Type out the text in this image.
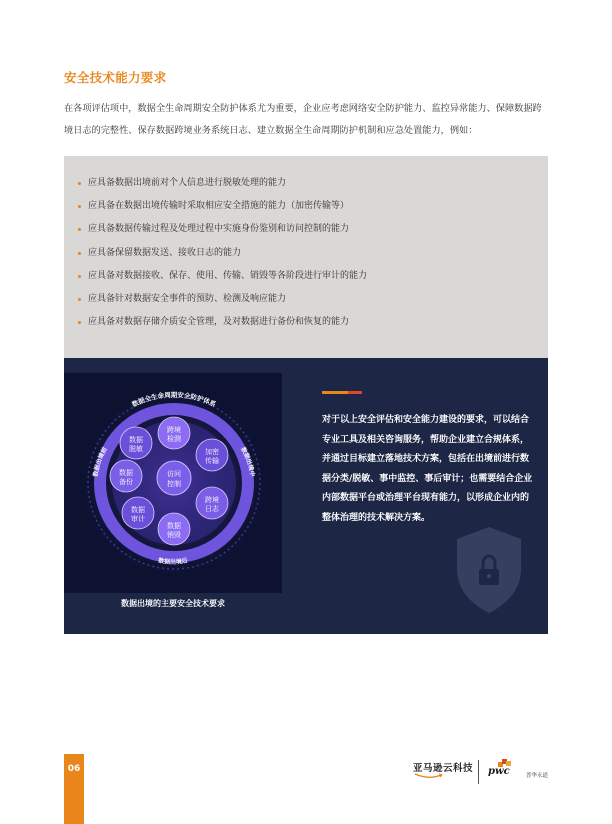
安全技术能力要求

在各项评估项中，数据全生命周期安全防护体系尤为重要，企业应考虑网络安全防护能力、监控异常能力、保障数据跨境日志的完整性、保存数据跨境业务系统日志、建立数据全生命周期防护机制和应急处置能力，例如：

应具备数据出境前对个人信息进行脱敏处理的能力
应具备在数据出境传输时采取相应安全措施的能力（加密传输等）
应具备数据传输过程及处理过程中实施身份鉴别和访问控制的能力
应具备保留数据发送、接收日志的能力
应具备对数据接收、保存、使用、传输、销毁等各阶段进行审计的能力
应具备针对数据安全事件的预防、检测及响应能力
应具备对数据存储介质安全管理，及对数据进行备份和恢复的能力
数据全生命周期安全防护体系
数据出境前	数据出境中
数据出境后
访问
控制
跨境
检测
加密
传输
跨境
日志
数据
销毁
数据
审计
数据
备份
数据
脱敏
数据出境的主要安全技术要求

对于以上安全评估和安全能力建设的要求，可以结合专业工具及相关咨询服务，帮助企业建立合规体系，并通过目标建立落地技术方案，包括在出境前进行数据分类/脱敏、事中监控、事后审计；也需要结合企业内部数据平台或治理平台现有能力，以形成企业内的整体治理的技术解决方案。

06	亚马逊云科技 pwc	普华永道
